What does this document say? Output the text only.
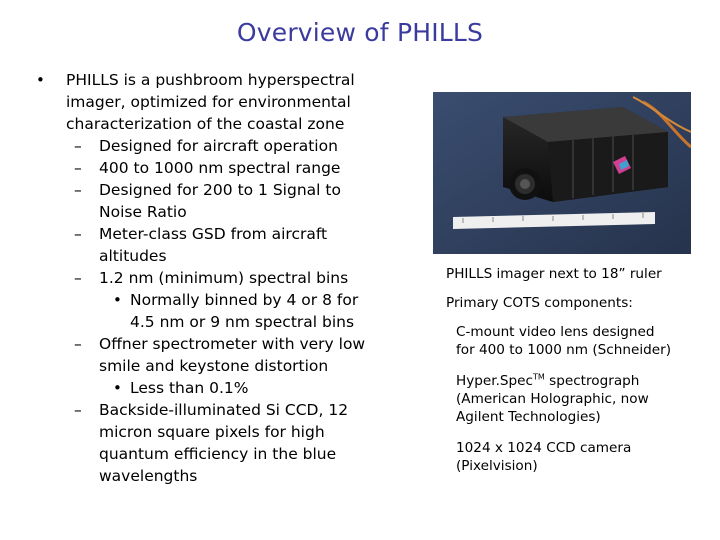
Overview of PHILLS
• PHILLS is a pushbroom hyperspectral
imager, optimized for environmental
characterization of the coastal zone
– Designed for aircraft operation
– 400 to 1000 nm spectral range
– Designed for 200 to 1 Signal to
Noise Ratio
– Meter-class GSD from aircraft
altitudes
– 1.2 nm (minimum) spectral bins
• Normally binned by 4 or 8 for
4.5 nm or 9 nm spectral bins
– Offner spectrometer with very low
smile and keystone distortion
• Less than 0.1%
– Backside-illuminated Si CCD, 12
micron square pixels for high
quantum efficiency in the blue
wavelengths
PHILLS imager next to 18” ruler
Primary COTS components:
C-mount video lens designed
for 400 to 1000 nm (Schneider)
Hyper.Spec™ spectrograph
(American Holographic, now
Agilent Technologies)
1024 x 1024 CCD camera
(Pixelvision)
